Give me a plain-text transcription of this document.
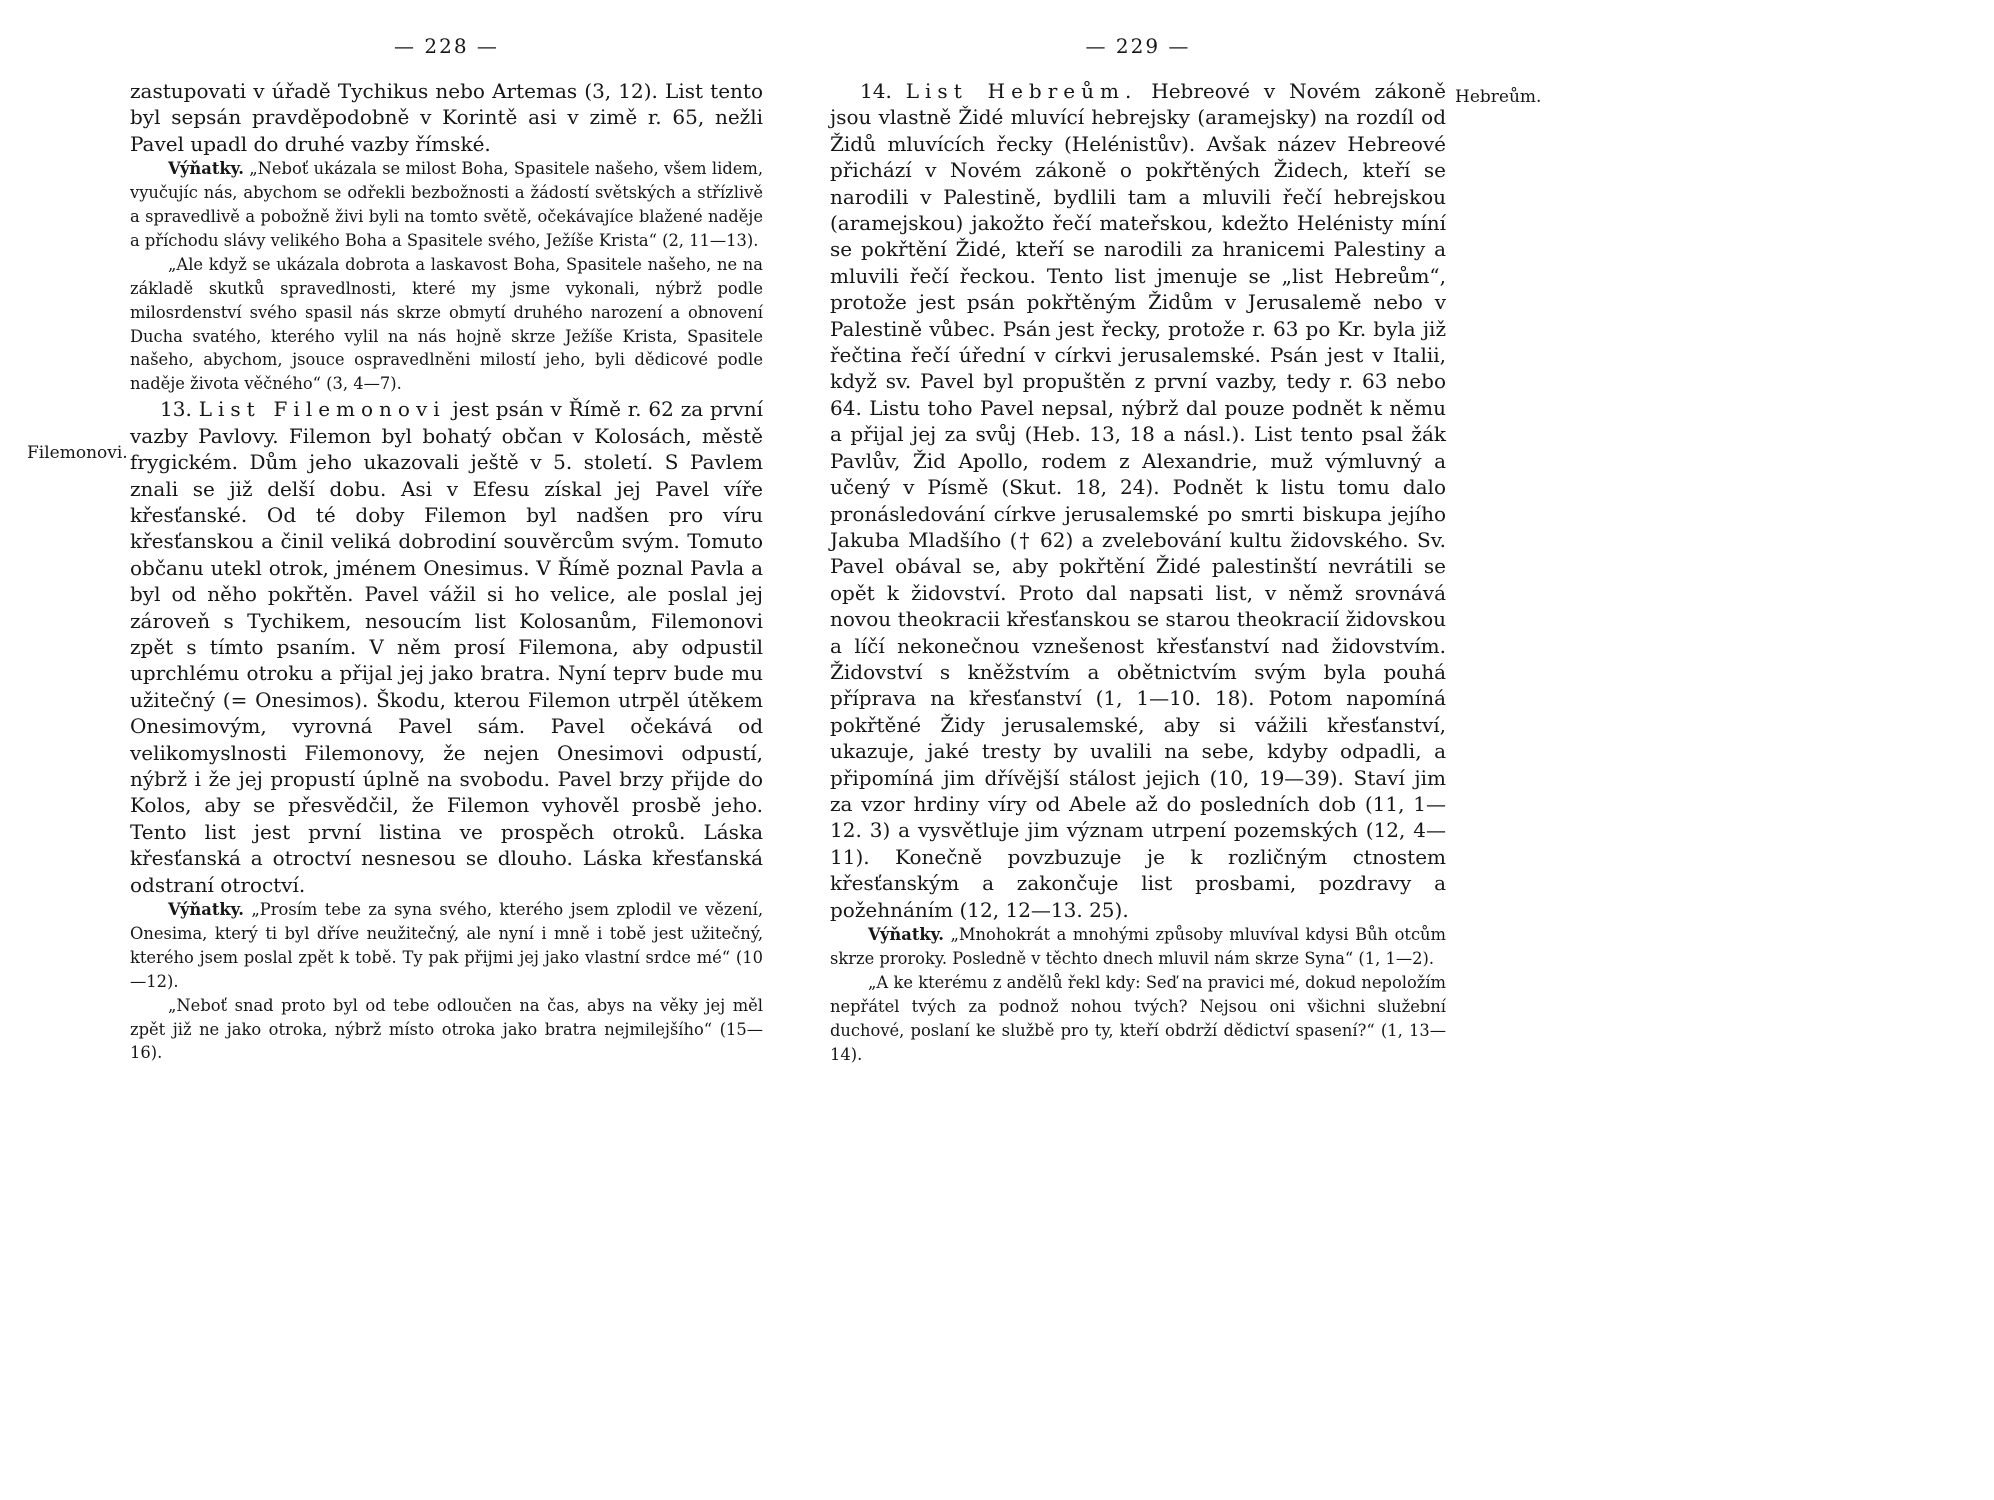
— 228 —

zastupovati v úřadě Tychikus nebo Artemas (3, 12). List tento byl sepsán pravděpodobně v Korintě asi v zimě r. 65, nežli Pavel upadl do druhé vazby římské.

Výňatky. „Neboť ukázala se milost Boha, Spasitele našeho, všem lidem, vyučujíc nás, abychom se odřekli bezbožnosti a žádostí světských a střízlivě a spravedlivě a pobožně živi byli na tomto světě, očekávajíce blažené naděje a příchodu slávy velikého Boha a Spasitele svého, Ježíše Krista“ (2, 11—13).

„Ale když se ukázala dobrota a laskavost Boha, Spasitele našeho, ne na základě skutků spravedlnosti, které my jsme vykonali, nýbrž podle milosrdenství svého spasil nás skrze obmytí druhého narození a obnovení Ducha svatého, kterého vylil na nás hojně skrze Ježíše Krista, Spasitele našeho, abychom, jsouce ospravedlněni milostí jeho, byli dědicové podle naděje života věčného“ (3, 4—7).

13. List Filemonovi jest psán v Římě r. 62 za první vazby Pavlovy. Filemon byl bohatý občan v Kolosách, městě frygickém. Dům jeho ukazovali ještě v 5. století. S Pavlem znali se již delší dobu. Asi v Efesu získal jej Pavel víře křesťanské. Od té doby Filemon byl nadšen pro víru křesťanskou a činil veliká dobrodiní souvěrcům svým. Tomuto občanu utekl otrok, jménem Onesimus. V Římě poznal Pavla a byl od něho pokřtěn. Pavel vážil si ho velice, ale poslal jej zároveň s Tychikem, nesoucím list Kolosanům, Filemonovi zpět s tímto psaním. V něm prosí Filemona, aby odpustil uprchlému otroku a přijal jej jako bratra. Nyní teprv bude mu užitečný (= Onesimos). Škodu, kterou Filemon utrpěl útěkem Onesimovým, vyrovná Pavel sám. Pavel očekává od velikomyslnosti Filemonovy, že nejen Onesimovi odpustí, nýbrž i že jej propustí úplně na svobodu. Pavel brzy přijde do Kolos, aby se přesvědčil, že Filemon vyhověl prosbě jeho. Tento list jest první listina ve prospěch otroků. Láska křesťanská a otroctví nesnesou se dlouho. Láska křesťanská odstraní otroctví.

Výňatky. „Prosím tebe za syna svého, kterého jsem zplodil ve vězení, Onesima, který ti byl dříve neužitečný, ale nyní i mně i tobě jest užitečný, kterého jsem poslal zpět k tobě. Ty pak přijmi jej jako vlastní srdce mé“ (10—12).

„Neboť snad proto byl od tebe odloučen na čas, abys na věky jej měl zpět již ne jako otroka, nýbrž místo otroka jako bratra nejmilejšího“ (15—16).

— 229 —

14. List Hebreům. Hebreové v Novém zákoně jsou vlastně Židé mluvící hebrejsky (aramejsky) na rozdíl od Židů mluvících řecky (Helénistův). Avšak název Hebreové přichází v Novém zákoně o pokřtěných Židech, kteří se narodili v Palestině, bydlili tam a mluvili řečí hebrejskou (aramejskou) jakožto řečí mateřskou, kdežto Helénisty míní se pokřtění Židé, kteří se narodili za hranicemi Palestiny a mluvili řečí řeckou. Tento list jmenuje se „list Hebreům“, protože jest psán pokřtěným Židům v Jerusalemě nebo v Palestině vůbec. Psán jest řecky, protože r. 63 po Kr. byla již řečtina řečí úřední v církvi jerusalemské. Psán jest v Italii, když sv. Pavel byl propuštěn z první vazby, tedy r. 63 nebo 64. Listu toho Pavel nepsal, nýbrž dal pouze podnět k němu a přijal jej za svůj (Heb. 13, 18 a násl.). List tento psal žák Pavlův, Žid Apollo, rodem z Alexandrie, muž výmluvný a učený v Písmě (Skut. 18, 24). Podnět k listu tomu dalo pronásledování církve jerusalemské po smrti biskupa jejího Jakuba Mladšího († 62) a zvelebování kultu židovského. Sv. Pavel obával se, aby pokřtění Židé palestinští nevrátili se opět k židovství. Proto dal napsati list, v němž srovnává novou theokracii křesťanskou se starou theokracií židovskou a líčí nekonečnou vznešenost křesťanství nad židovstvím. Židovství s kněžstvím a obětnictvím svým byla pouhá příprava na křesťanství (1, 1—10. 18). Potom napomíná pokřtěné Židy jerusalemské, aby si vážili křesťanství, ukazuje, jaké tresty by uvalili na sebe, kdyby odpadli, a připomíná jim dřívější stálost jejich (10, 19—39). Staví jim za vzor hrdiny víry od Abele až do posledních dob (11, 1—12. 3) a vysvětluje jim význam utrpení pozemských (12, 4—11). Konečně povzbuzuje je k rozličným ctnostem křesťanským a zakončuje list prosbami, pozdravy a požehnáním (12, 12—13. 25).

Výňatky. „Mnohokrát a mnohými způsoby mluvíval kdysi Bůh otcům skrze proroky. Posledně v těchto dnech mluvil nám skrze Syna“ (1, 1—2).

„A ke kterému z andělů řekl kdy: Seď na pravici mé, dokud nepoložím nepřátel tvých za podnož nohou tvých? Nejsou oni všichni služební duchové, poslaní ke službě pro ty, kteří obdrží dědictví spasení?“ (1, 13—14).

Filemonovi.
Hebreům.
